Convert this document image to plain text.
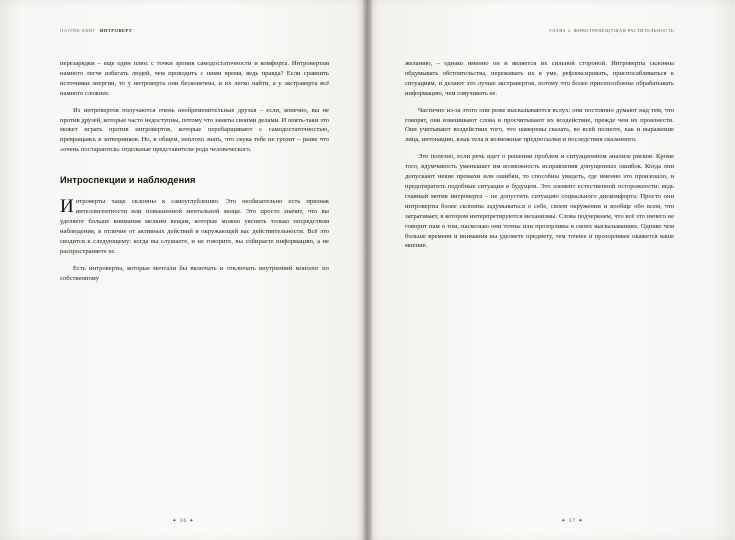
ПАТРИК КИНГ ИНТРОВЕРТ

перезарядки – еще один плюс с точки зрения самодостаточности и комфорта. Интровертам намного легче избегать людей, чем проводить с ними время, ведь правда? Если сравнить источники энергии, то у интроверта они бесконечны, и их легко найти, а у экстраверта всё намного сложнее.

Из интровертов получаются очень необременительные друзья – если, конечно, вы не против друзей, которые часто недоступны, потому что заняты своими делами. И опять-таки это может играть против интровертов, которые перебарщивают с самодостаточностью, превращаясь в затворников. Но, в общем, неплохо знать, что скука тебе не грозит – разве что «очень постараются» отдельные представители рода человеческого.

Интроспекции и наблюдения

Интроверты чаще склонны к самоуглублению. Это необязательно есть признак интеллигентности или повышенной ментальной мощи. Это просто значит, что вы уделяете больше внимания мелким вещам, которые можно уяснить только посредством наблюдения, в отличие от активных действий в окружающей вас действительности. Всё это сводится к следующему: когда вы слушаете, и не говорите, вы собираете информацию, а не распространяете ее.

Есть интроверты, которые мечтали бы включать и отключать внутренний монолог по собственному

✦ 36 ✦
ГЛАВА 2. ЖИВОТРЕПЕЩУЩАЯ РАСТИТЕЛЬНОСТЬ

желанию, – однако именно он и является их сильной стороной. Интроверты склонны обдумывать обстоятельства, переживать их в уме, рефлексировать, приспосабливаться к ситуациям, и делают это лучше экстравертов, потому что более приспособлены обрабатывать информацию, чем озвучивать ее.

Частично из-за этого они реже высказываются вслух: они постоянно думают над тем, что говорят, они взвешивают слова и просчитывают их воздействие, прежде чем их произнести. Они учитывают воздействие того, что намерены сказать, во всей полноте, как и выражение лица, интонацию, язык тела и возможные предпосылки и последствия сказанного.

Это полезно, если речь идет о решении проблем и ситуационном анализе рисков. Кроме того, вдумчивость уменьшает им возможность исправления допущенных ошибок. Когда они допускают некие промахи или ошибки, то способны увидеть, где именно это произошло, и предотвратить подобные ситуации в будущем. Это элемент естественной осторожности: ведь главный мотив интроверта – не допустить ситуацию социального дискомфорта. Просто они интроверты более склонны задумываться о себе, своем окружении и вообще обо всем, что затрагивает, в котором интерпретируются механизмы. Слова подчеркнем, что всё это ничего не говорит нам о том, насколько они точны или прозорливы в своих высказываниях. Однако чем больше времени и внимания вы уделяете предмету, тем точнее и прозорливее окажется ваше мнение.

✦ 37 ✦
